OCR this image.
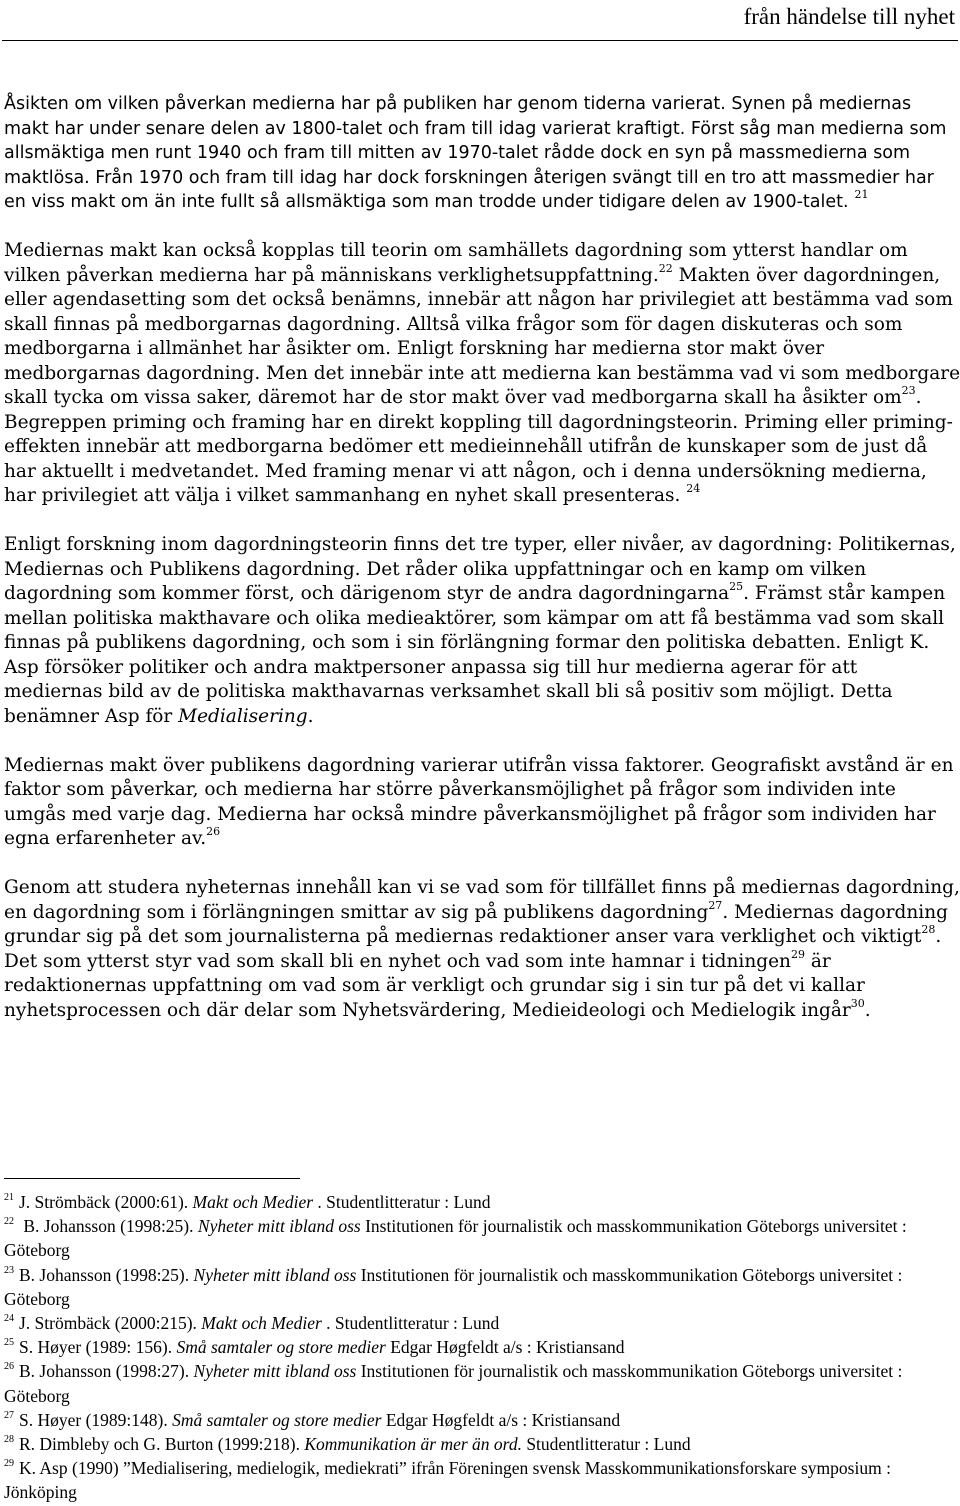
från händelse till nyhet

Åsikten om vilken påverkan medierna har på publiken har genom tiderna varierat. Synen på mediernas makt har under senare delen av 1800-talet och fram till idag varierat kraftigt. Först såg man medierna som allsmäktiga men runt 1940 och fram till mitten av 1970-talet rådde dock en syn på massmedierna som maktlösa. Från 1970 och fram till idag har dock forskningen återigen svängt till en tro att massmedier har en viss makt om än inte fullt så allsmäktiga som man trodde under tidigare delen av 1900-talet. $^{21}$

Mediernas makt kan också kopplas till teorin om samhällets dagordning som ytterst handlar om vilken påverkan medierna har på människans verklighetsuppfattning.$^{22}$ Makten över dagordningen, eller agendasetting som det också benämns, innebär att någon har privilegiet att bestämma vad som skall finnas på medborgarnas dagordning. Alltså vilka frågor som för dagen diskuteras och som medborgarna i allmänhet har åsikter om. Enligt forskning har medierna stor makt över medborgarnas dagordning. Men det innebär inte att medierna kan bestämma vad vi som medborgare skall tycka om vissa saker, däremot har de stor makt över vad medborgarna skall ha åsikter $om^{23}$. Begreppen priming och framing har en direkt koppling till dagordningsteorin. Priming eller priming-effekten innebär att medborgarna bedömer ett medieinnehåll utifrån de kunskaper som de just då har aktuellt i medvetandet. Med framing menar vi att någon, och i denna undersökning medierna, har privilegiet att välja i vilket sammanhang en nyhet skall presenteras. $^{24}$

Enligt forskning inom dagordningsteorin finns det tre typer, eller nivåer, av dagordning: Politikernas, Mediernas och Publikens dagordning. Det råder olika uppfattningar och en kamp om vilken dagordning som kommer först, och därigenom styr de andra dagordningarna$^{25}$. Främst står kampen mellan politiska makthavare och olika medieaktörer, som kämpar om att få bestämma vad som skall finnas på publikens dagordning, och som i sin förlängning formar den politiska debatten. Enligt K. Asp försöker politiker och andra maktpersoner anpassa sig till hur medierna agerar för att mediernas bild av de politiska makthavarnas verksamhet skall bli så positiv som möjligt. Detta benämner Asp för Medialisering.

Mediernas makt över publikens dagordning varierar utifrån vissa faktorer. Geografiskt avstånd är en faktor som påverkar, och medierna har större påverkansmöjlighet på frågor som individen inte umgås med varje dag. Medierna har också mindre påverkansmöjlighet på frågor som individen har egna erfarenheter av.$^{26}$

Genom att studera nyheternas innehåll kan vi se vad som för tillfället finns på mediernas dagordning, en dagordning som i förlängningen smittar av sig på publikens dagordning$^{27}$. Mediernas dagordning grundar sig på det som journalisterna på mediernas redaktioner anser vara verklighet och viktigt$^{28}$. Det som ytterst styr vad som skall bli en nyhet och vad som inte hamnar i tidningen$^{29}$ är redaktionernas uppfattning om vad som är verkligt och grundar sig i sin tur på det vi kallar nyhetsprocessen och där delar som Nyhetsvärdering, Medieideologi och Medielogik ingår$^{30}$.

$^{21}$ J. Strömbäck (2000:61). Makt och Medier . Studentlitteratur : Lund

$^{22}$ B. Johansson (1998:25). Nyheter mitt ibland oss Institutionen för journalistik och masskommunikation Göteborgs universitet : Göteborg

$^{23}$ B. Johansson (1998:25). Nyheter mitt ibland oss Institutionen för journalistik och masskommunikation Göteborgs universitet : Göteborg

$^{24}$ J. Strömbäck (2000:215). Makt och Medier . Studentlitteratur : Lund

$^{25}$ S. Høyer (1989: 156). Små samtaler og store medier Edgar Høgfeldt a/s : Kristiansand

$^{26}$ B. Johansson (1998:27). Nyheter mitt ibland oss Institutionen för journalistik och masskommunikation Göteborgs universitet : Göteborg

$^{27}$ S. Høyer (1989:148). Små samtaler og store medier Edgar Høgfeldt a/s : Kristiansand

$^{28}$ R. Dimbleby och G. Burton (1999:218). Kommunikation är mer än ord. Studentlitteratur : Lund

$^{29}$ K. Asp (1990) ”Medialisering, medielogik, mediekrati” ifrån Föreningen svensk Masskommunikationsforskare symposium : Jönköping
